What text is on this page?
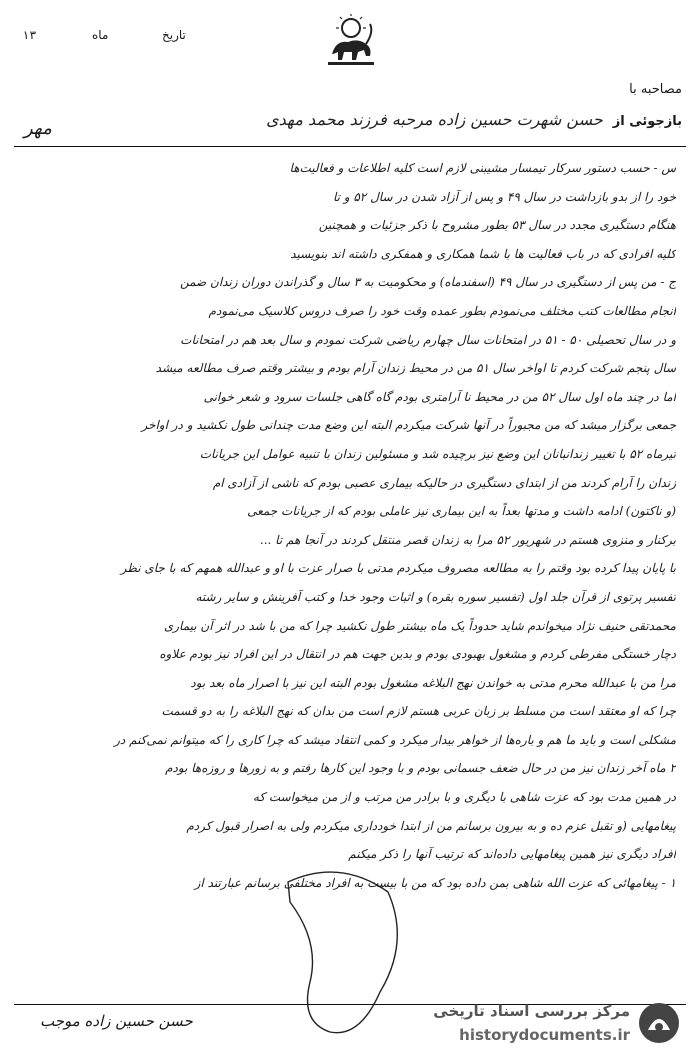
۱۳	ماه	تاریخ
مصاحبه با
بازجوئی از
حسن شهرت حسین زاده مرحبه فرزند محمد مهدی
مهر
س - حسب دستور سرکار تیمسار مشیبنی لازم است کلیه اطلاعات و فعالیت‌ها
خود را از بدو بازداشت در سال ۴۹ و پس از آزاد شدن در سال ۵۲ و تا
هنگام دستگیری مجدد در سال ۵۳ بطور مشروح با ذکر جزئیات و همچنین
کلیه افرادی که در باب فعالیت ها با شما همکاری و همفکری داشته اند بنویسید
ج - من پس از دستگیری در سال ۴۹ (اسفندماه) و محکومیت به ۳ سال و گذراندن دوران زندان ضمن
انجام مطالعات کتب مختلف می‌نمودم بطور عمده وقت خود را صرف دروس کلاسیک می‌نمودم
و در سال تحصیلی ۵۰ - ۵۱ در امتحانات سال چهارم ریاضی شرکت نمودم و سال بعد هم در امتحانات
سال پنجم شرکت کردم تا اواخر سال ۵۱ من در محیط زندان آرام بودم و بیشتر وقتم صرف مطالعه میشد
اما در چند ماه اول سال ۵۲ من در محیط نا آرامتری بودم گاه گاهی جلسات سرود و شعر خوانی
جمعی برگزار میشد که من مجبوراً در آنها شرکت میکردم البته این وضع مدت چندانی طول نکشید و در اواخر
تیرماه ۵۲ با تغییر زندانبانان این وضع نیز برچیده شد و مسئولین زندان با تنبیه عوامل این جریانات
زندان را آرام کردند من از ابتدای دستگیری در حالیکه بیماری عصبی بودم که ناشی از آزادی ام
(و ناکتون) ادامه داشت و مدتها بعداً به این بیماری نیز عاملی بودم که از جریانات جمعی
برکنار و منزوی هستم در شهریور ۵۲ مرا به زندان قصر منتقل کردند در آنجا هم تا ...
با پایان پیدا کرده بود وقتم را به مطالعه مصروف میکردم مدتی با صرار عزت با او و عبدالله همهم که با جای نظر
تفسیر پرتوی از قرآن جلد اول (تفسیر سوره بقره) و اثبات وجود خدا و کتب آفرینش و سایر رشته
محمدتقی حنیف نژاد میخواندم شاید حدوداً یک ماه بیشتر طول نکشید چرا که من با شد در اثر آن بیماری
دچار خستگی مفرطی کردم و مشغول بهبودی بودم و بدین جهت هم در انتقال در این افراد نیز بودم علاوه
مرا من با عبدالله محرم مدتی به خواندن نهج البلاغه مشغول بودم البته این نیز با اصرار ماه بعد بود
چرا که او معتقد است من مسلط بر زبان عربی هستم لازم است من بدان که نهج البلاغه را به دو قسمت
مشکلی است و باید ما هم و باره‌ها از خواهر بیدار میکرد و کمی انتقاد میشد که چرا کاری را که میتوانم نمی‌کنم در
۲ ماه آخر زندان نیز من در حال ضعف جسمانی بودم و با وجود این کارها رفتم و به زورها و روزه‌ها بودم
در همین مدت بود که عزت شاهی با دیگری و با برادر من مرتب و از من میخواست که
پیغامهایی (و تقبل عزم ده و به بیرون برسانم من از ابتدا خودداری میکردم ولی به اصرار قبول کردم
افراد دیگری نیز همین پیغامهایی داده‌اند که ترتیب آنها را ذکر میکنم
۱ - پیغامهائی که عزت الله شاهی بمن داده بود که من با بیست به افراد مختلفی برسانم عبارتند از
حسن حسین زاده موجب
مرکز بررسی اسناد تاریخی
historydocuments.ir
